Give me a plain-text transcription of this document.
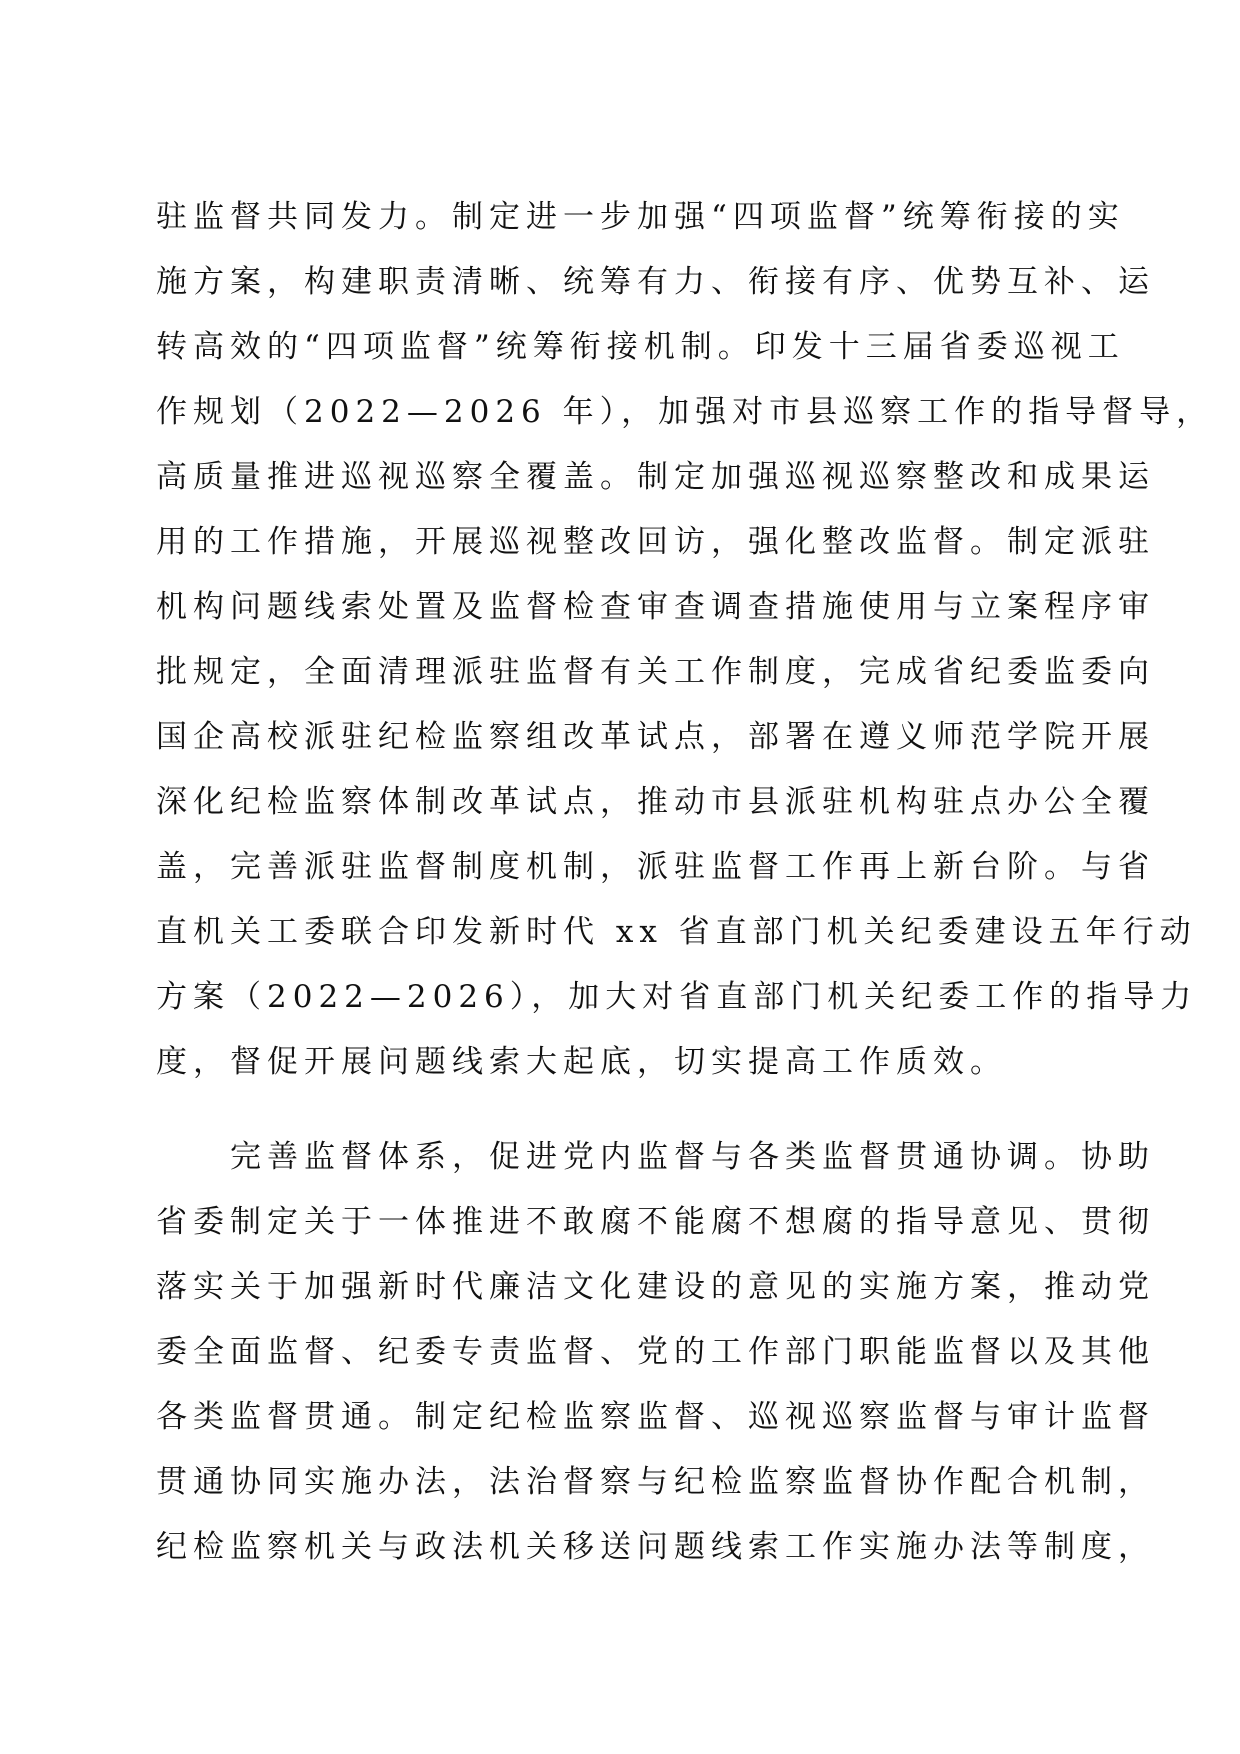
驻监督共同发力。制定进一步加强“四项监督”统筹衔接的实
施方案，构建职责清晰、统筹有力、衔接有序、优势互补、运
转高效的“四项监督”统筹衔接机制。印发十三届省委巡视工
作规划（2022—2026 年），加强对市县巡察工作的指导督导，
高质量推进巡视巡察全覆盖。制定加强巡视巡察整改和成果运
用的工作措施，开展巡视整改回访，强化整改监督。制定派驻
机构问题线索处置及监督检查审查调查措施使用与立案程序审
批规定，全面清理派驻监督有关工作制度，完成省纪委监委向
国企高校派驻纪检监察组改革试点，部署在遵义师范学院开展
深化纪检监察体制改革试点，推动市县派驻机构驻点办公全覆
盖，完善派驻监督制度机制，派驻监督工作再上新台阶。与省
直机关工委联合印发新时代 xx 省直部门机关纪委建设五年行动
方案（2022—2026），加大对省直部门机关纪委工作的指导力
度，督促开展问题线索大起底，切实提高工作质效。
　　完善监督体系，促进党内监督与各类监督贯通协调。协助
省委制定关于一体推进不敢腐不能腐不想腐的指导意见、贯彻
落实关于加强新时代廉洁文化建设的意见的实施方案，推动党
委全面监督、纪委专责监督、党的工作部门职能监督以及其他
各类监督贯通。制定纪检监察监督、巡视巡察监督与审计监督
贯通协同实施办法，法治督察与纪检监察监督协作配合机制，
纪检监察机关与政法机关移送问题线索工作实施办法等制度，
